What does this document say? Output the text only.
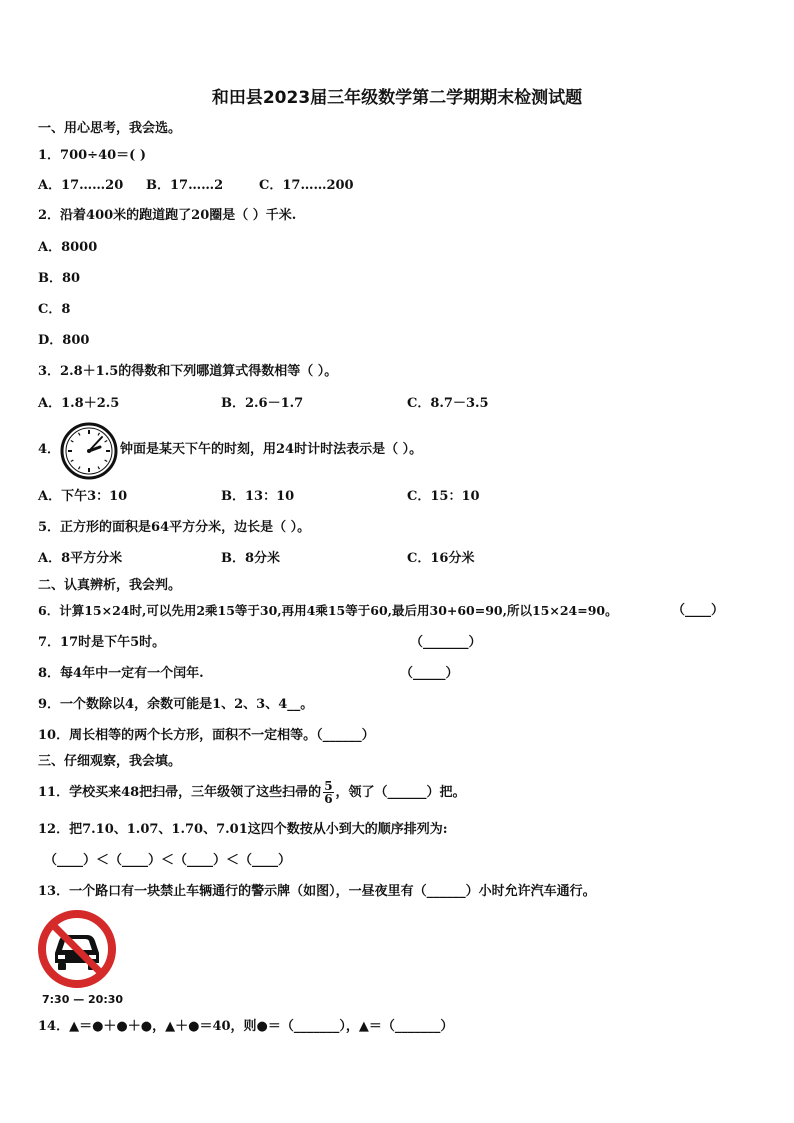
和田县2023届三年级数学第二学期期末检测试题
一、用心思考，我会选。
1．700÷40＝( )
A．17……20 B．17……2	C．17……200
2．沿着400米的跑道跑了20圈是（ ）千米.
A．8000
B．80
C．8
D．800
3．2.8＋1.5的得数和下列哪道算式得数相等（ ）。
A．1.8＋2.5	B．2.6－1.7	C．8.7－3.5
4．	钟面是某天下午的时刻，用24时计时法表示是（ ）。
A．下午3：10	B．13：10	C．15：10
5．正方形的面积是64平方分米，边长是（ ）。
A．8平方分米	B．8分米	C．16分米
二、认真辨析，我会判。
6．计算15×24时,可以先用2乘15等于30,再用4乘15等于60,最后用30+60=90,所以15×24=90。	（____）
7．17时是下午5时。	（_______）
8．每4年中一定有一个闰年.	（_____）
9．一个数除以4，余数可能是1、2、3、4__。
10．周长相等的两个长方形，面积不一定相等。（______）
三、仔细观察，我会填。
11．学校买来48把扫帚，三年级领了这些扫帚的 $\frac{5}{6}$ ，领了（______）把。
12．把7.10、1.07、1.70、7.01这四个数按从小到大的顺序排列为:
（____）＜（____）＜（____）＜（____）
13．一个路口有一块禁止车辆通行的警示牌（如图），一昼夜里有（______）小时允许汽车通行。
7:30 — 20:30
14．▲＝●＋●＋●，▲＋●＝40，则●＝（_______），▲＝（_______）
